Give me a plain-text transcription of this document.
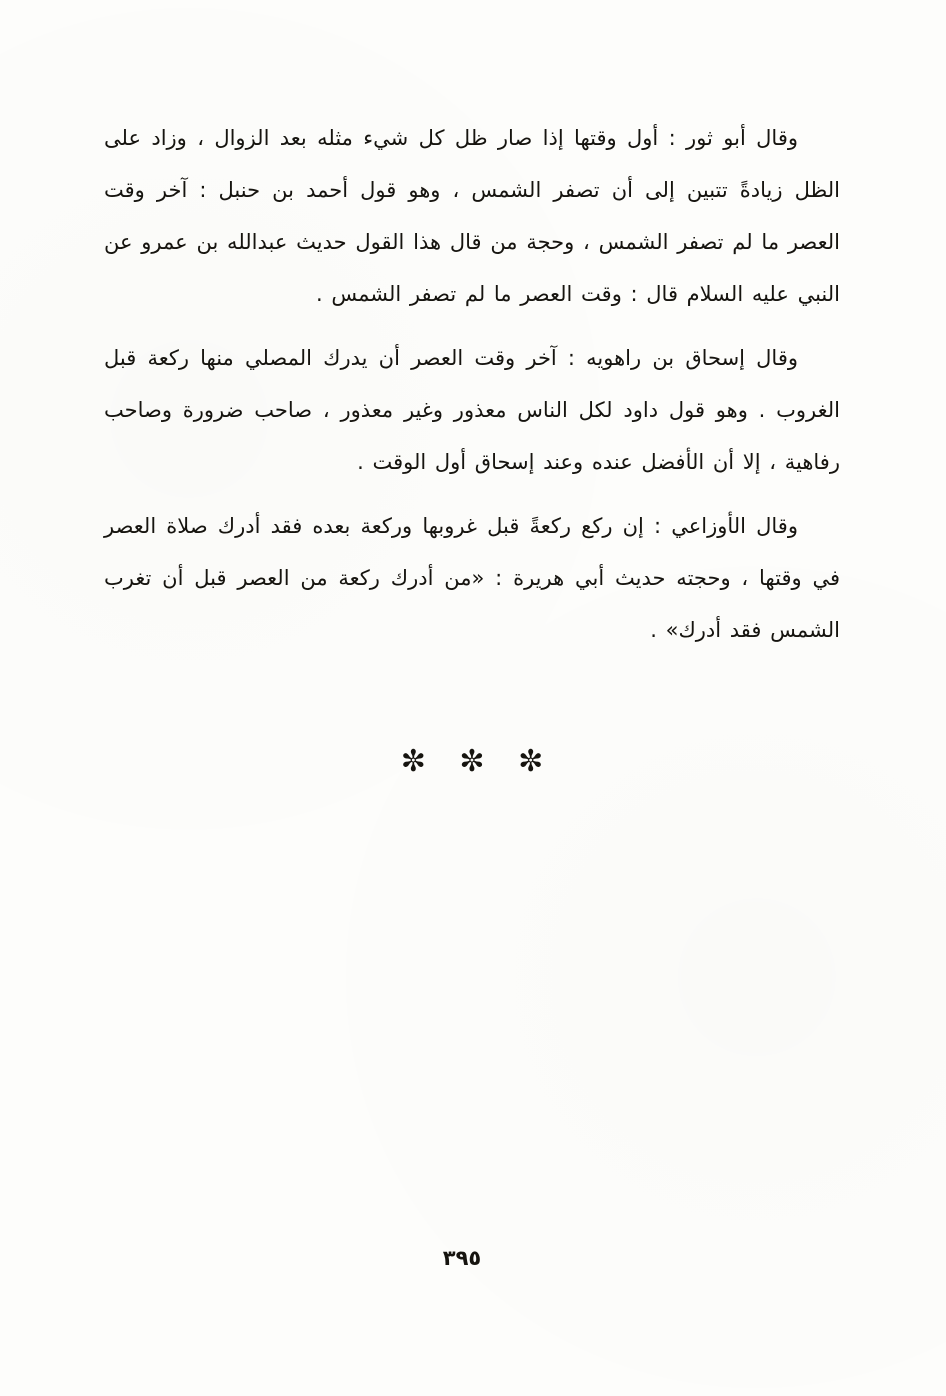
وقال أبو ثور : أول وقتها إذا صار ظل كل شيء مثله بعد الزوال ، وزاد على الظل زيادةً تتبين إلى أن تصفر الشمس ، وهو قول أحمد بن حنبل : آخر وقت العصر ما لم تصفر الشمس ، وحجة من قال هذا القول حديث عبدالله بن عمرو عن النبي عليه السلام قال : وقت العصر ما لم تصفر الشمس .

وقال إسحاق بن راهويه : آخر وقت العصر أن يدرك المصلي منها ركعة قبل الغروب . وهو قول داود لكل الناس معذور وغير معذور ، صاحب ضرورة وصاحب رفاهية ، إلا أن الأفضل عنده وعند إسحاق أول الوقت .

وقال الأوزاعي : إن ركع ركعةً قبل غروبها وركعة بعده فقد أدرك صلاة العصر في وقتها ، وحجته حديث أبي هريرة : «من أدرك ركعة من العصر قبل أن تغرب الشمس فقد أدرك» .

✼ ✼ ✼
٣٩٥
